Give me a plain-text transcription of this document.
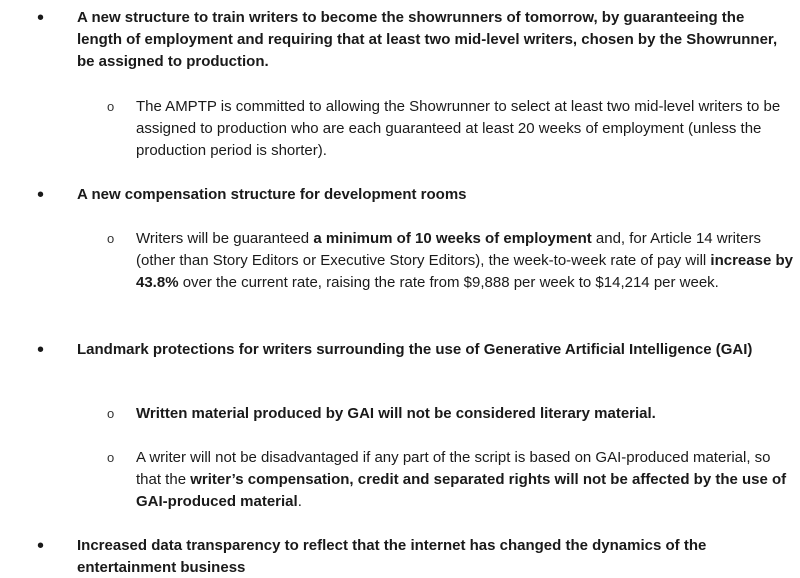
• A new structure to train writers to become the showrunners of tomorrow, by guaranteeing the length of employment and requiring that at least two mid-level writers, chosen by the Showrunner, be assigned to production.
o The AMPTP is committed to allowing the Showrunner to select at least two mid-level writers to be assigned to production who are each guaranteed at least 20 weeks of employment (unless the production period is shorter).
• A new compensation structure for development rooms
o Writers will be guaranteed a minimum of 10 weeks of employment and, for Article 14 writers (other than Story Editors or Executive Story Editors), the week-to-week rate of pay will increase by 43.8% over the current rate, raising the rate from $9,888 per week to $14,214 per week.
• Landmark protections for writers surrounding the use of Generative Artificial Intelligence (GAI)
o Written material produced by GAI will not be considered literary material.
o A writer will not be disadvantaged if any part of the script is based on GAI-produced material, so that the writer’s compensation, credit and separated rights will not be affected by the use of GAI-produced material.
• Increased data transparency to reflect that the internet has changed the dynamics of the entertainment business
